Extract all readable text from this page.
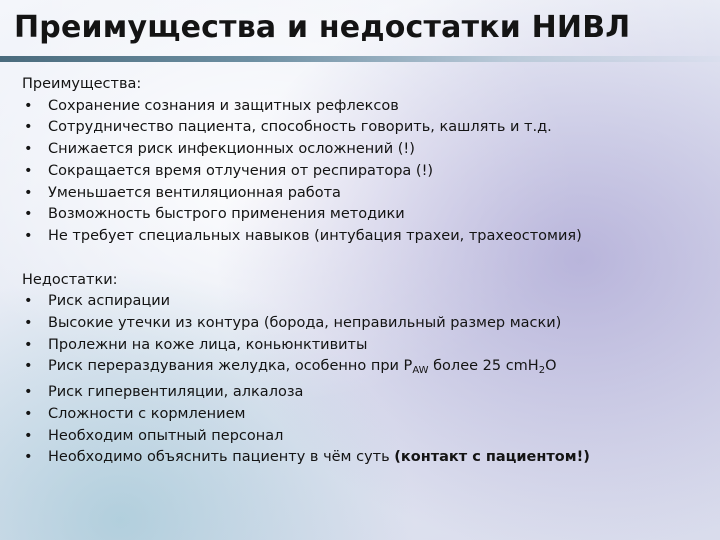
Преимущества и недостатки НИВЛ

Преимущества:

• Сохранение сознания и защитных рефлексов
• Сотрудничество пациента, способность говорить, кашлять и т.д.
• Снижается риск инфекционных осложнений (!)
• Сокращается время отлучения от респиратора (!)
• Уменьшается вентиляционная работа
• Возможность быстрого применения методики
• Не требует специальных навыков (интубация трахеи, трахеостомия)

Недостатки:

• Риск аспирации
• Высокие утечки из контура (борода, неправильный размер маски)
• Пролежни на коже лица, коньюнктивиты
• Риск перераздувания желудка, особенно при $P_{AW}$ более 25 cmH$_2$O
• Риск гипервентиляции, алкалоза
• Сложности с кормлением
• Необходим опытный персонал
• Необходимо объяснить пациенту в чём суть (контакт с пациентом!)
